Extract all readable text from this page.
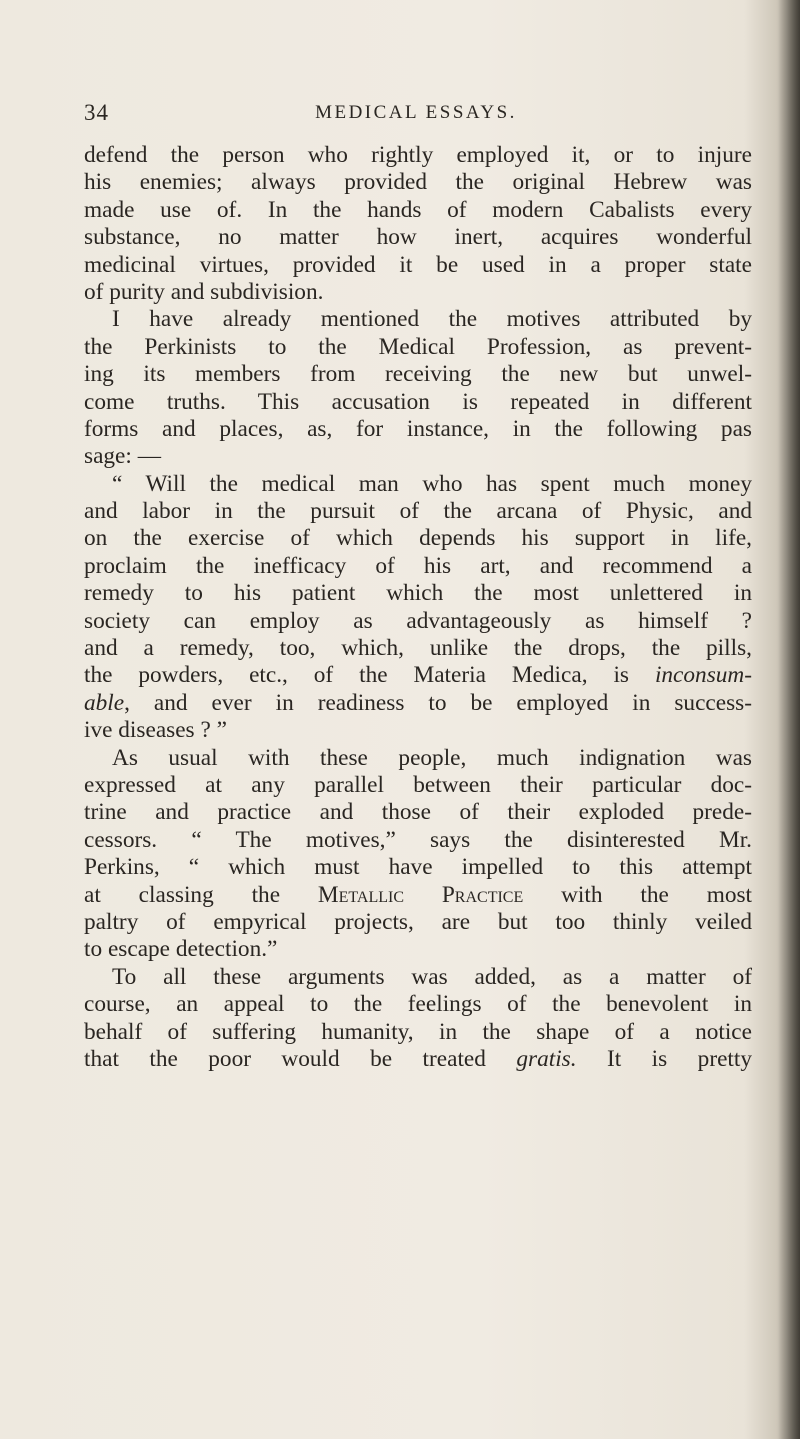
34	MEDICAL ESSAYS.
defend the person who rightly employed it, or to injure
his enemies; always provided the original Hebrew was
made use of. In the hands of modern Cabalists every
substance, no matter how inert, acquires wonderful
medicinal virtues, provided it be used in a proper state
of purity and subdivision.
I have already mentioned the motives attributed by
the Perkinists to the Medical Profession, as prevent-
ing its members from receiving the new but unwel-
come truths. This accusation is repeated in different
forms and places, as, for instance, in the following pas
sage: —
“ Will the medical man who has spent much money
and labor in the pursuit of the arcana of Physic, and
on the exercise of which depends his support in life,
proclaim the inefficacy of his art, and recommend a
remedy to his patient which the most unlettered in
society can employ as advantageously as himself ?
and a remedy, too, which, unlike the drops, the pills,
the powders, etc., of the Materia Medica, is inconsum-
able, and ever in readiness to be employed in success-
ive diseases ? ”
As usual with these people, much indignation was
expressed at any parallel between their particular doc-
trine and practice and those of their exploded prede-
cessors. “ The motives,” says the disinterested Mr.
Perkins, “ which must have impelled to this attempt
at classing the Metallic Practice with the most
paltry of empyrical projects, are but too thinly veiled
to escape detection.”
To all these arguments was added, as a matter of
course, an appeal to the feelings of the benevolent in
behalf of suffering humanity, in the shape of a notice
that the poor would be treated gratis. It is pretty
